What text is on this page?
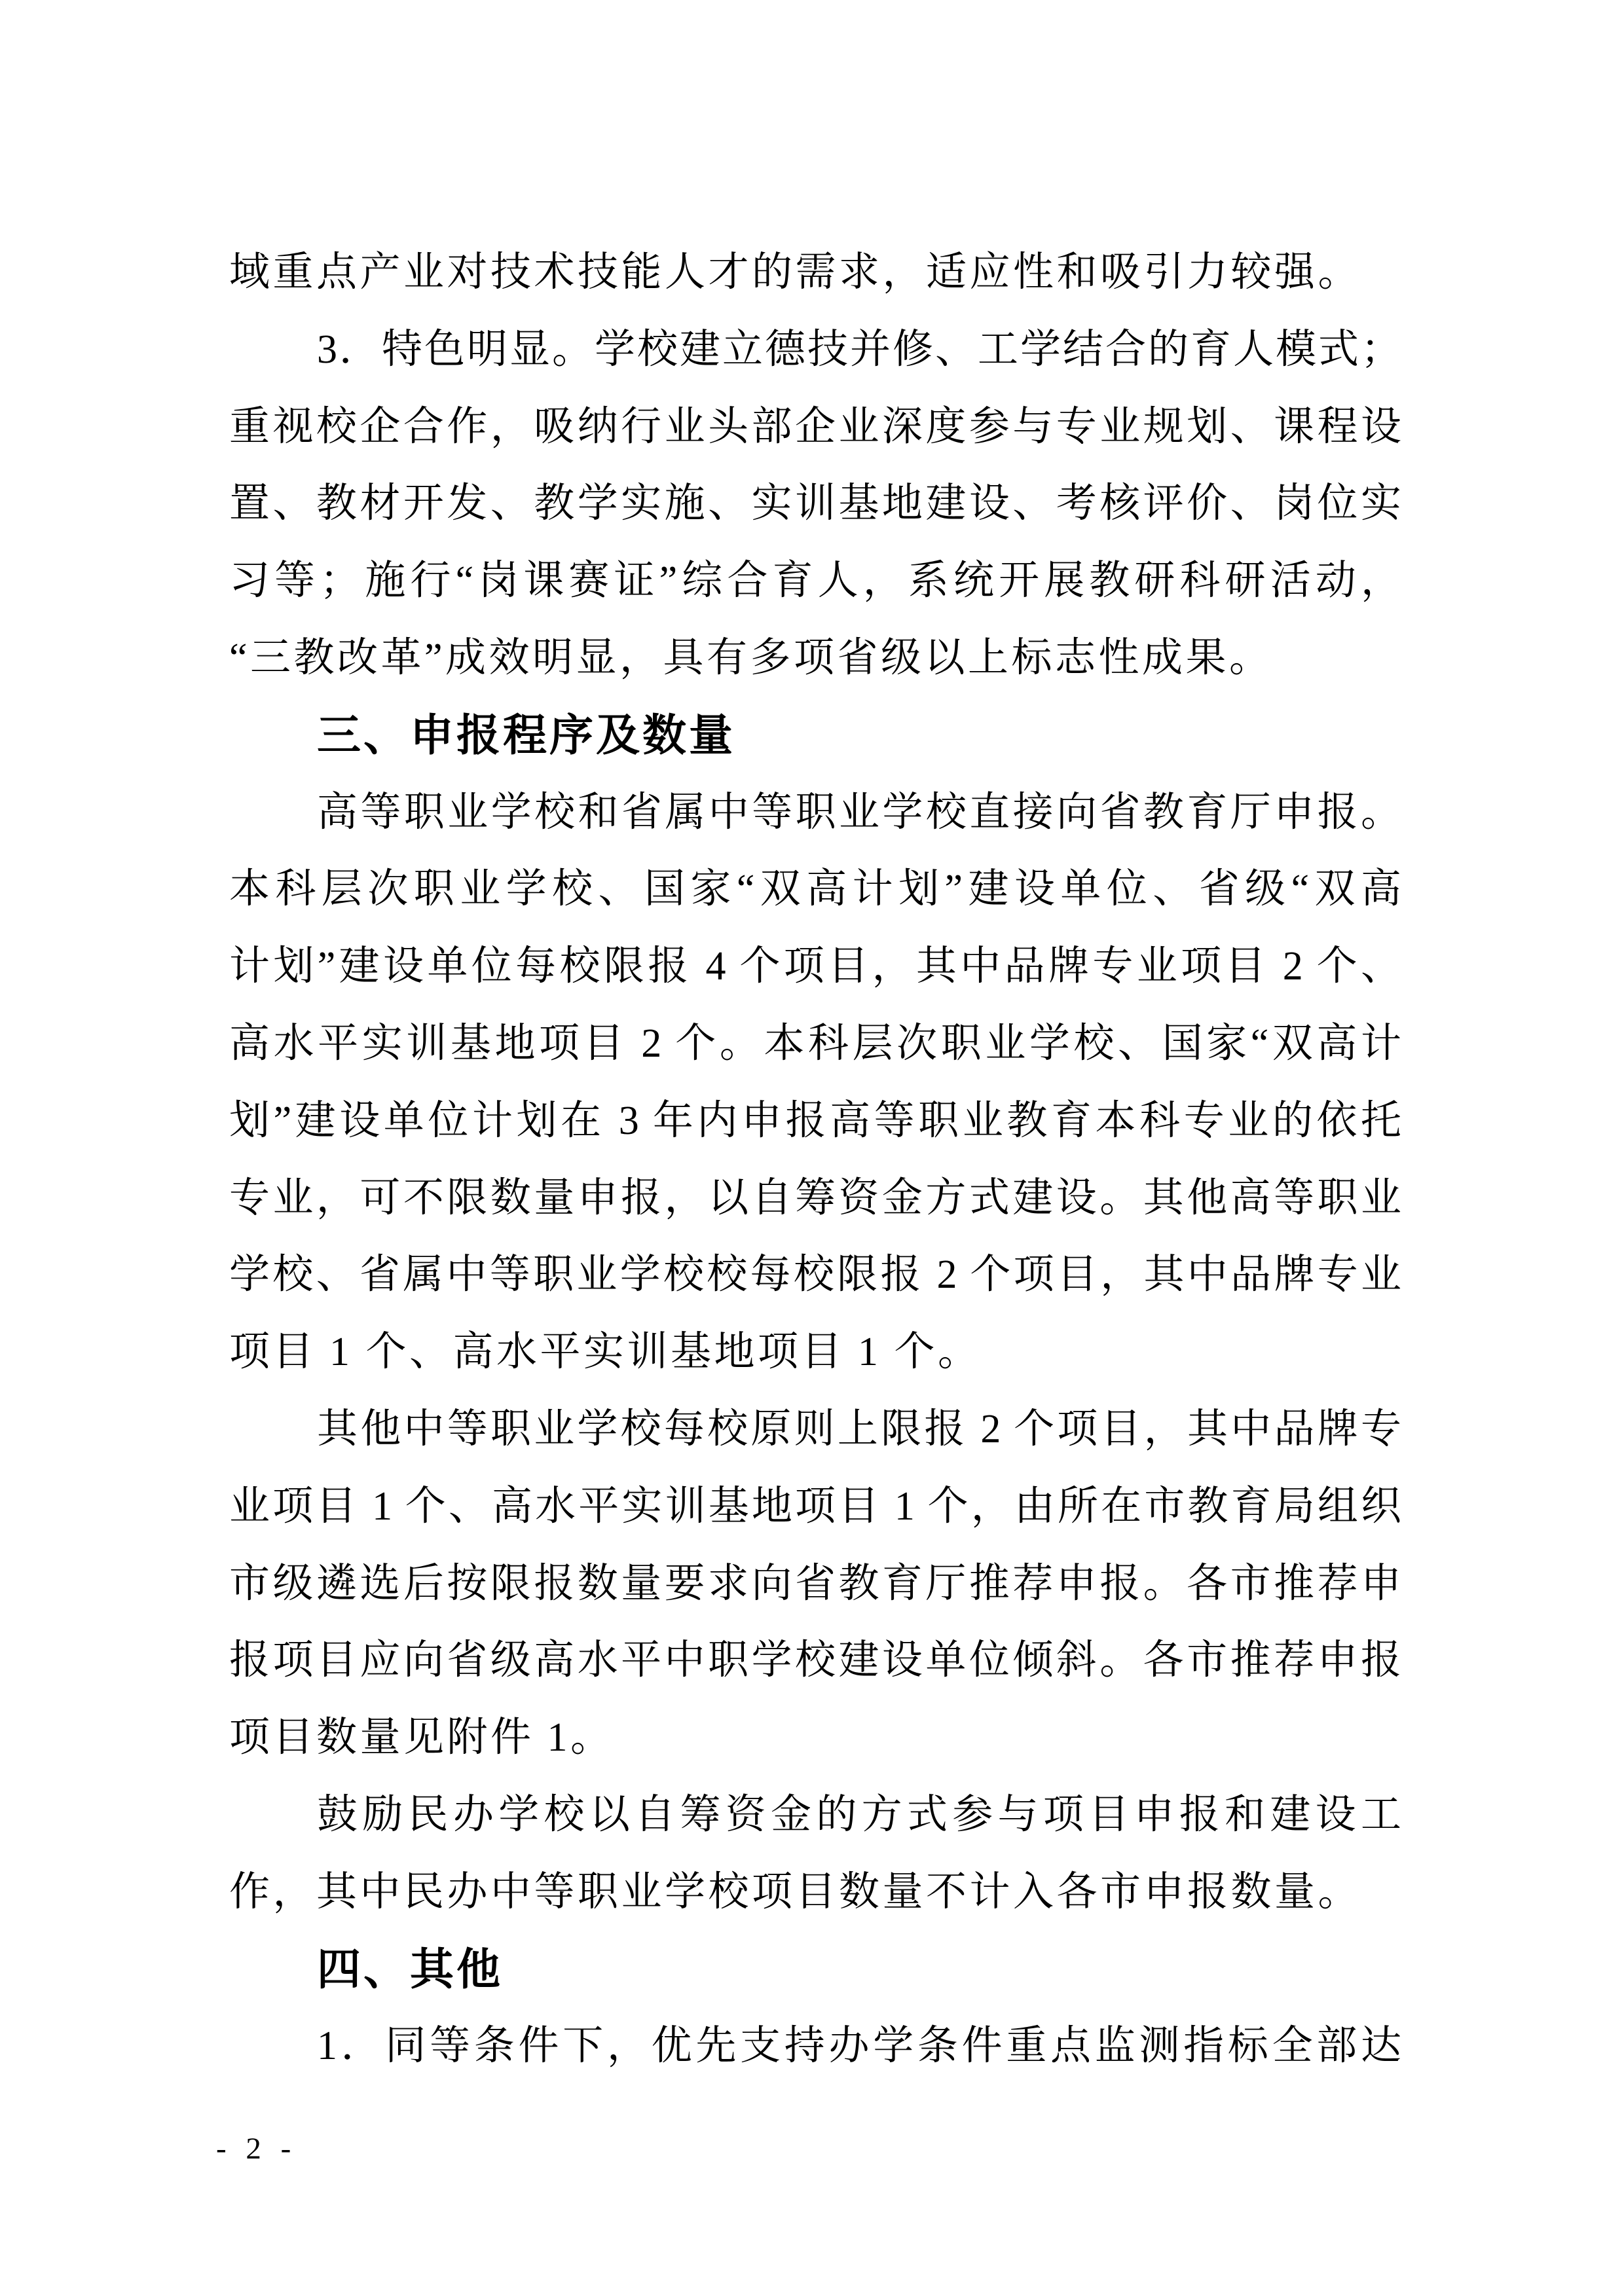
域重点产业对技术技能人才的需求，适应性和吸引力较强。
3．特色明显。学校建立德技并修、工学结合的育人模式；
重视校企合作，吸纳行业头部企业深度参与专业规划、课程设
置、教材开发、教学实施、实训基地建设、考核评价、岗位实
习等；施行“岗课赛证”综合育人，系统开展教研科研活动，
“三教改革”成效明显，具有多项省级以上标志性成果。
三、申报程序及数量
高等职业学校和省属中等职业学校直接向省教育厅申报。
本科层次职业学校、国家“双高计划”建设单位、省级“双高
计划”建设单位每校限报 4 个项目，其中品牌专业项目 2 个、
高水平实训基地项目 2 个。本科层次职业学校、国家“双高计
划”建设单位计划在 3 年内申报高等职业教育本科专业的依托
专业，可不限数量申报，以自筹资金方式建设。其他高等职业
学校、省属中等职业学校校每校限报 2 个项目，其中品牌专业
项目 1 个、高水平实训基地项目 1 个。
其他中等职业学校每校原则上限报 2 个项目，其中品牌专
业项目 1 个、高水平实训基地项目 1 个，由所在市教育局组织
市级遴选后按限报数量要求向省教育厅推荐申报。各市推荐申
报项目应向省级高水平中职学校建设单位倾斜。各市推荐申报
项目数量见附件 1。
鼓励民办学校以自筹资金的方式参与项目申报和建设工
作，其中民办中等职业学校项目数量不计入各市申报数量。
四、其他
1．同等条件下，优先支持办学条件重点监测指标全部达
- 2 -
